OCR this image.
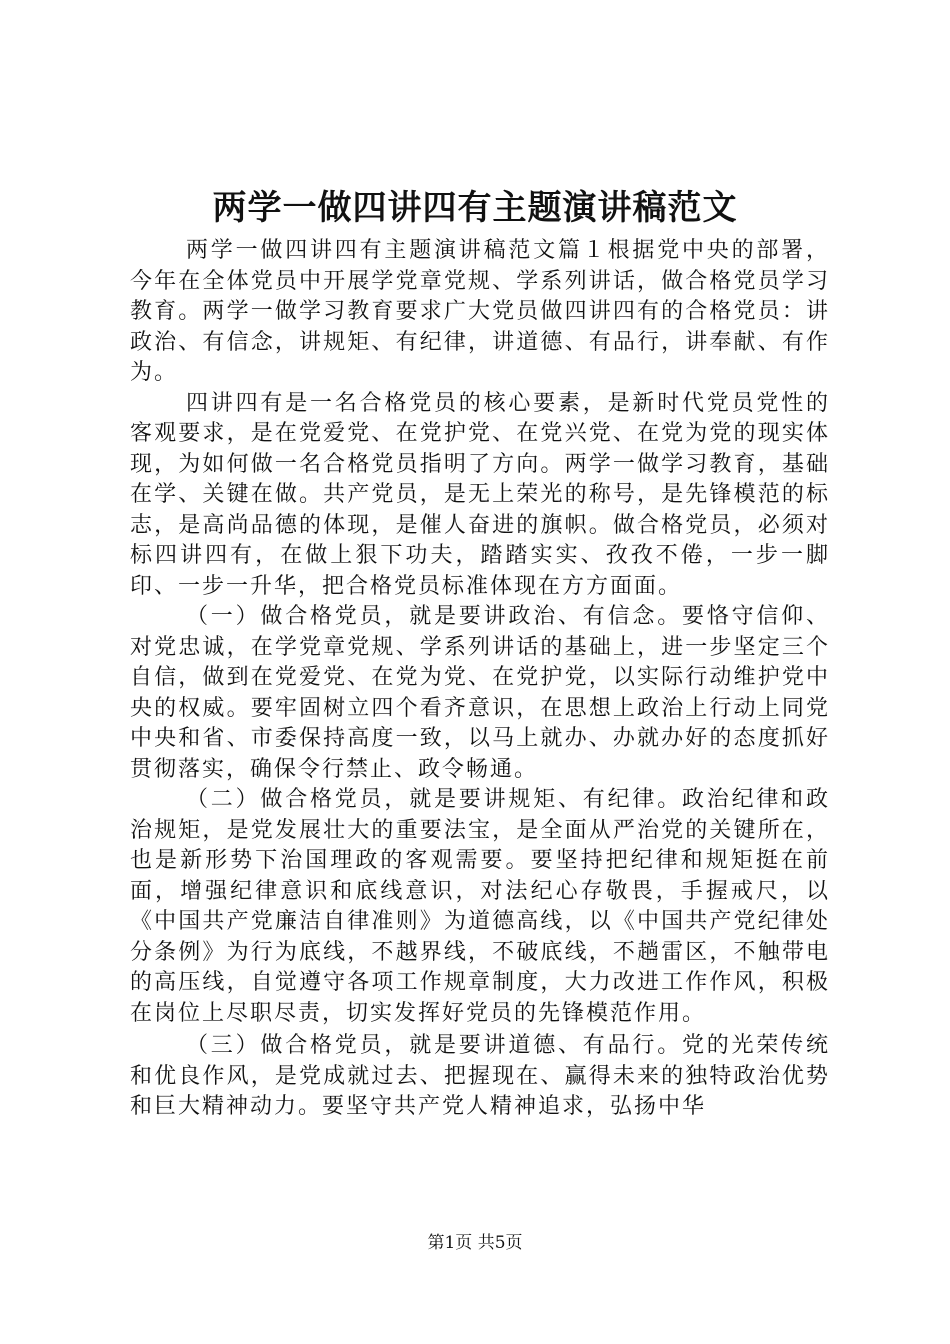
两学一做四讲四有主题演讲稿范文

两学一做四讲四有主题演讲稿范文篇１根据党中央的部署，今年在全体党员中开展学党章党规、学系列讲话，做合格党员学习教育。两学一做学习教育要求广大党员做四讲四有的合格党员：讲政治、有信念，讲规矩、有纪律，讲道德、有品行，讲奉献、有作为。

四讲四有是一名合格党员的核心要素，是新时代党员党性的客观要求，是在党爱党、在党护党、在党兴党、在党为党的现实体现，为如何做一名合格党员指明了方向。两学一做学习教育，基础在学、关键在做。共产党员，是无上荣光的称号，是先锋模范的标志，是高尚品德的体现，是催人奋进的旗帜。做合格党员，必须对标四讲四有，在做上狠下功夫，踏踏实实、孜孜不倦，一步一脚印、一步一升华，把合格党员标准体现在方方面面。

（一）做合格党员，就是要讲政治、有信念。要恪守信仰、对党忠诚，在学党章党规、学系列讲话的基础上，进一步坚定三个自信，做到在党爱党、在党为党、在党护党，以实际行动维护党中央的权威。要牢固树立四个看齐意识，在思想上政治上行动上同党中央和省、市委保持高度一致，以马上就办、办就办好的态度抓好贯彻落实，确保令行禁止、政令畅通。

（二）做合格党员，就是要讲规矩、有纪律。政治纪律和政治规矩，是党发展壮大的重要法宝，是全面从严治党的关键所在，也是新形势下治国理政的客观需要。要坚持把纪律和规矩挺在前面，增强纪律意识和底线意识，对法纪心存敬畏，手握戒尺，以《中国共产党廉洁自律准则》为道德高线，以《中国共产党纪律处分条例》为行为底线，不越界线，不破底线，不趟雷区，不触带电的高压线，自觉遵守各项工作规章制度，大力改进工作作风，积极在岗位上尽职尽责，切实发挥好党员的先锋模范作用。

（三）做合格党员，就是要讲道德、有品行。党的光荣传统和优良作风，是党成就过去、把握现在、赢得未来的独特政治优势和巨大精神动力。要坚守共产党人精神追求，弘扬中华

第1页 共5页
